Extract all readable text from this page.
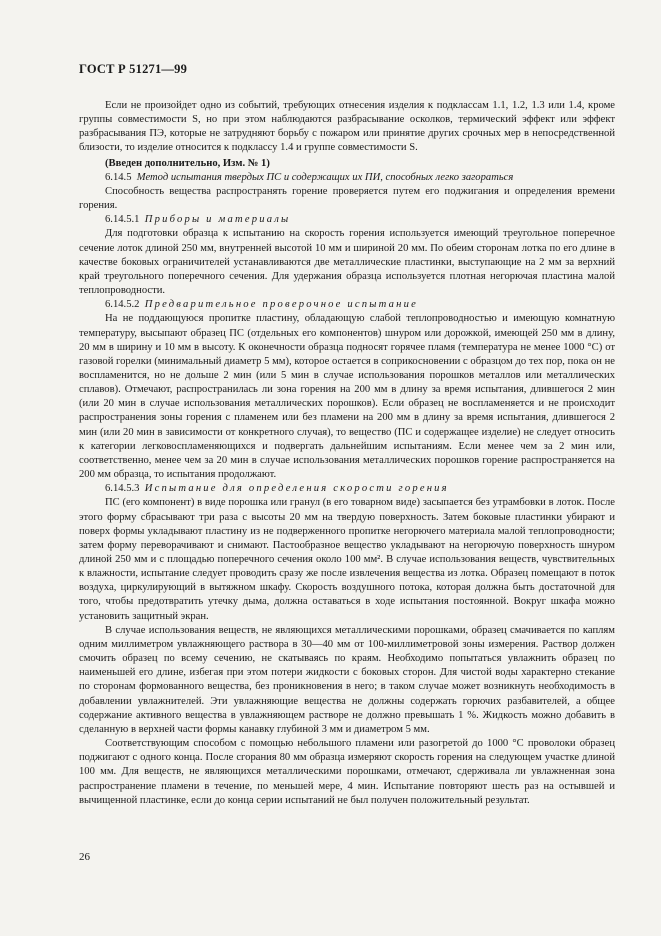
ГОСТ Р 51271—99

Если не произойдет одно из событий, требующих отнесения изделия к подклассам 1.1, 1.2, 1.3 или 1.4, кроме группы совместимости S, но при этом наблюдаются разбрасывание осколков, термический эффект или эффект разбрасывания ПЭ, которые не затрудняют борьбу с пожаром или принятие других срочных мер в непосредственной близости, то изделие относится к подклассу 1.4 и группе совместимости S.

(Введен дополнительно, Изм. № 1)

6.14.5 Метод испытания твердых ПС и содержащих их ПИ, способных легко загораться

Способность вещества распространять горение проверяется путем его поджигания и определения времени горения.

6.14.5.1 Приборы и материалы

Для подготовки образца к испытанию на скорость горения используется имеющий треугольное поперечное сечение лоток длиной 250 мм, внутренней высотой 10 мм и шириной 20 мм. По обеим сторонам лотка по его длине в качестве боковых ограничителей устанавливаются две металлические пластинки, выступающие на 2 мм за верхний край треугольного поперечного сечения. Для удержания образца используется плотная негорючая пластина малой теплопроводности.

6.14.5.2 Предварительное проверочное испытание

На не поддающуюся пропитке пластину, обладающую слабой теплопроводностью и имеющую комнатную температуру, высыпают образец ПС (отдельных его компонентов) шнуром или дорожкой, имеющей 250 мм в длину, 20 мм в ширину и 10 мм в высоту. К оконечности образца подносят горячее пламя (температура не менее 1000 °С) от газовой горелки (минимальный диаметр 5 мм), которое остается в соприкосновении с образцом до тех пор, пока он не воспламенится, но не дольше 2 мин (или 5 мин в случае использования порошков металлов или металлических сплавов). Отмечают, распространилась ли зона горения на 200 мм в длину за время испытания, длившегося 2 мин (или 20 мин в случае использования металлических порошков). Если образец не воспламеняется и не происходит распространения зоны горения с пламенем или без пламени на 200 мм в длину за время испытания, длившегося 2 мин (или 20 мин в зависимости от конкретного случая), то вещество (ПС и содержащее изделие) не следует относить к категории легковоспламеняющихся и подвергать дальнейшим испытаниям. Если менее чем за 2 мин или, соответственно, менее чем за 20 мин в случае использования металлических порошков горение распространяется на 200 мм образца, то испытания продолжают.

6.14.5.3 Испытание для определения скорости горения

ПС (его компонент) в виде порошка или гранул (в его товарном виде) засыпается без утрамбовки в лоток. После этого форму сбрасывают три раза с высоты 20 мм на твердую поверхность. Затем боковые пластинки убирают и поверх формы укладывают пластину из не подверженного пропитке негорючего материала малой теплопроводности; затем форму переворачивают и снимают. Пастообразное вещество укладывают на негорючую поверхность шнуром длиной 250 мм и с площадью поперечного сечения около 100 мм². В случае использования веществ, чувствительных к влажности, испытание следует проводить сразу же после извлечения вещества из лотка. Образец помещают в поток воздуха, циркулирующий в вытяжном шкафу. Скорость воздушного потока, которая должна быть достаточной для того, чтобы предотвратить утечку дыма, должна оставаться в ходе испытания постоянной. Вокруг шкафа можно установить защитный экран.

В случае использования веществ, не являющихся металлическими порошками, образец смачивается по каплям одним миллиметром увлажняющего раствора в 30—40 мм от 100-миллиметровой зоны измерения. Раствор должен смочить образец по всему сечению, не скатываясь по краям. Необходимо попытаться увлажнить образец по наименьшей его длине, избегая при этом потери жидкости с боковых сторон. Для чистой воды характерно стекание по сторонам формованного вещества, без проникновения в него; в таком случае может возникнуть необходимость в добавлении увлажнителей. Эти увлажняющие вещества не должны содержать горючих разбавителей, а общее содержание активного вещества в увлажняющем растворе не должно превышать 1 %. Жидкость можно добавить в сделанную в верхней части формы канавку глубиной 3 мм и диаметром 5 мм.

Соответствующим способом с помощью небольшого пламени или разогретой до 1000 °С проволоки образец поджигают с одного конца. После сгорания 80 мм образца измеряют скорость горения на следующем участке длиной 100 мм. Для веществ, не являющихся металлическими порошками, отмечают, сдерживала ли увлажненная зона распространение пламени в течение, по меньшей мере, 4 мин. Испытание повторяют шесть раз на остывшей и вычищенной пластинке, если до конца серии испытаний не был получен положительный результат.

26
